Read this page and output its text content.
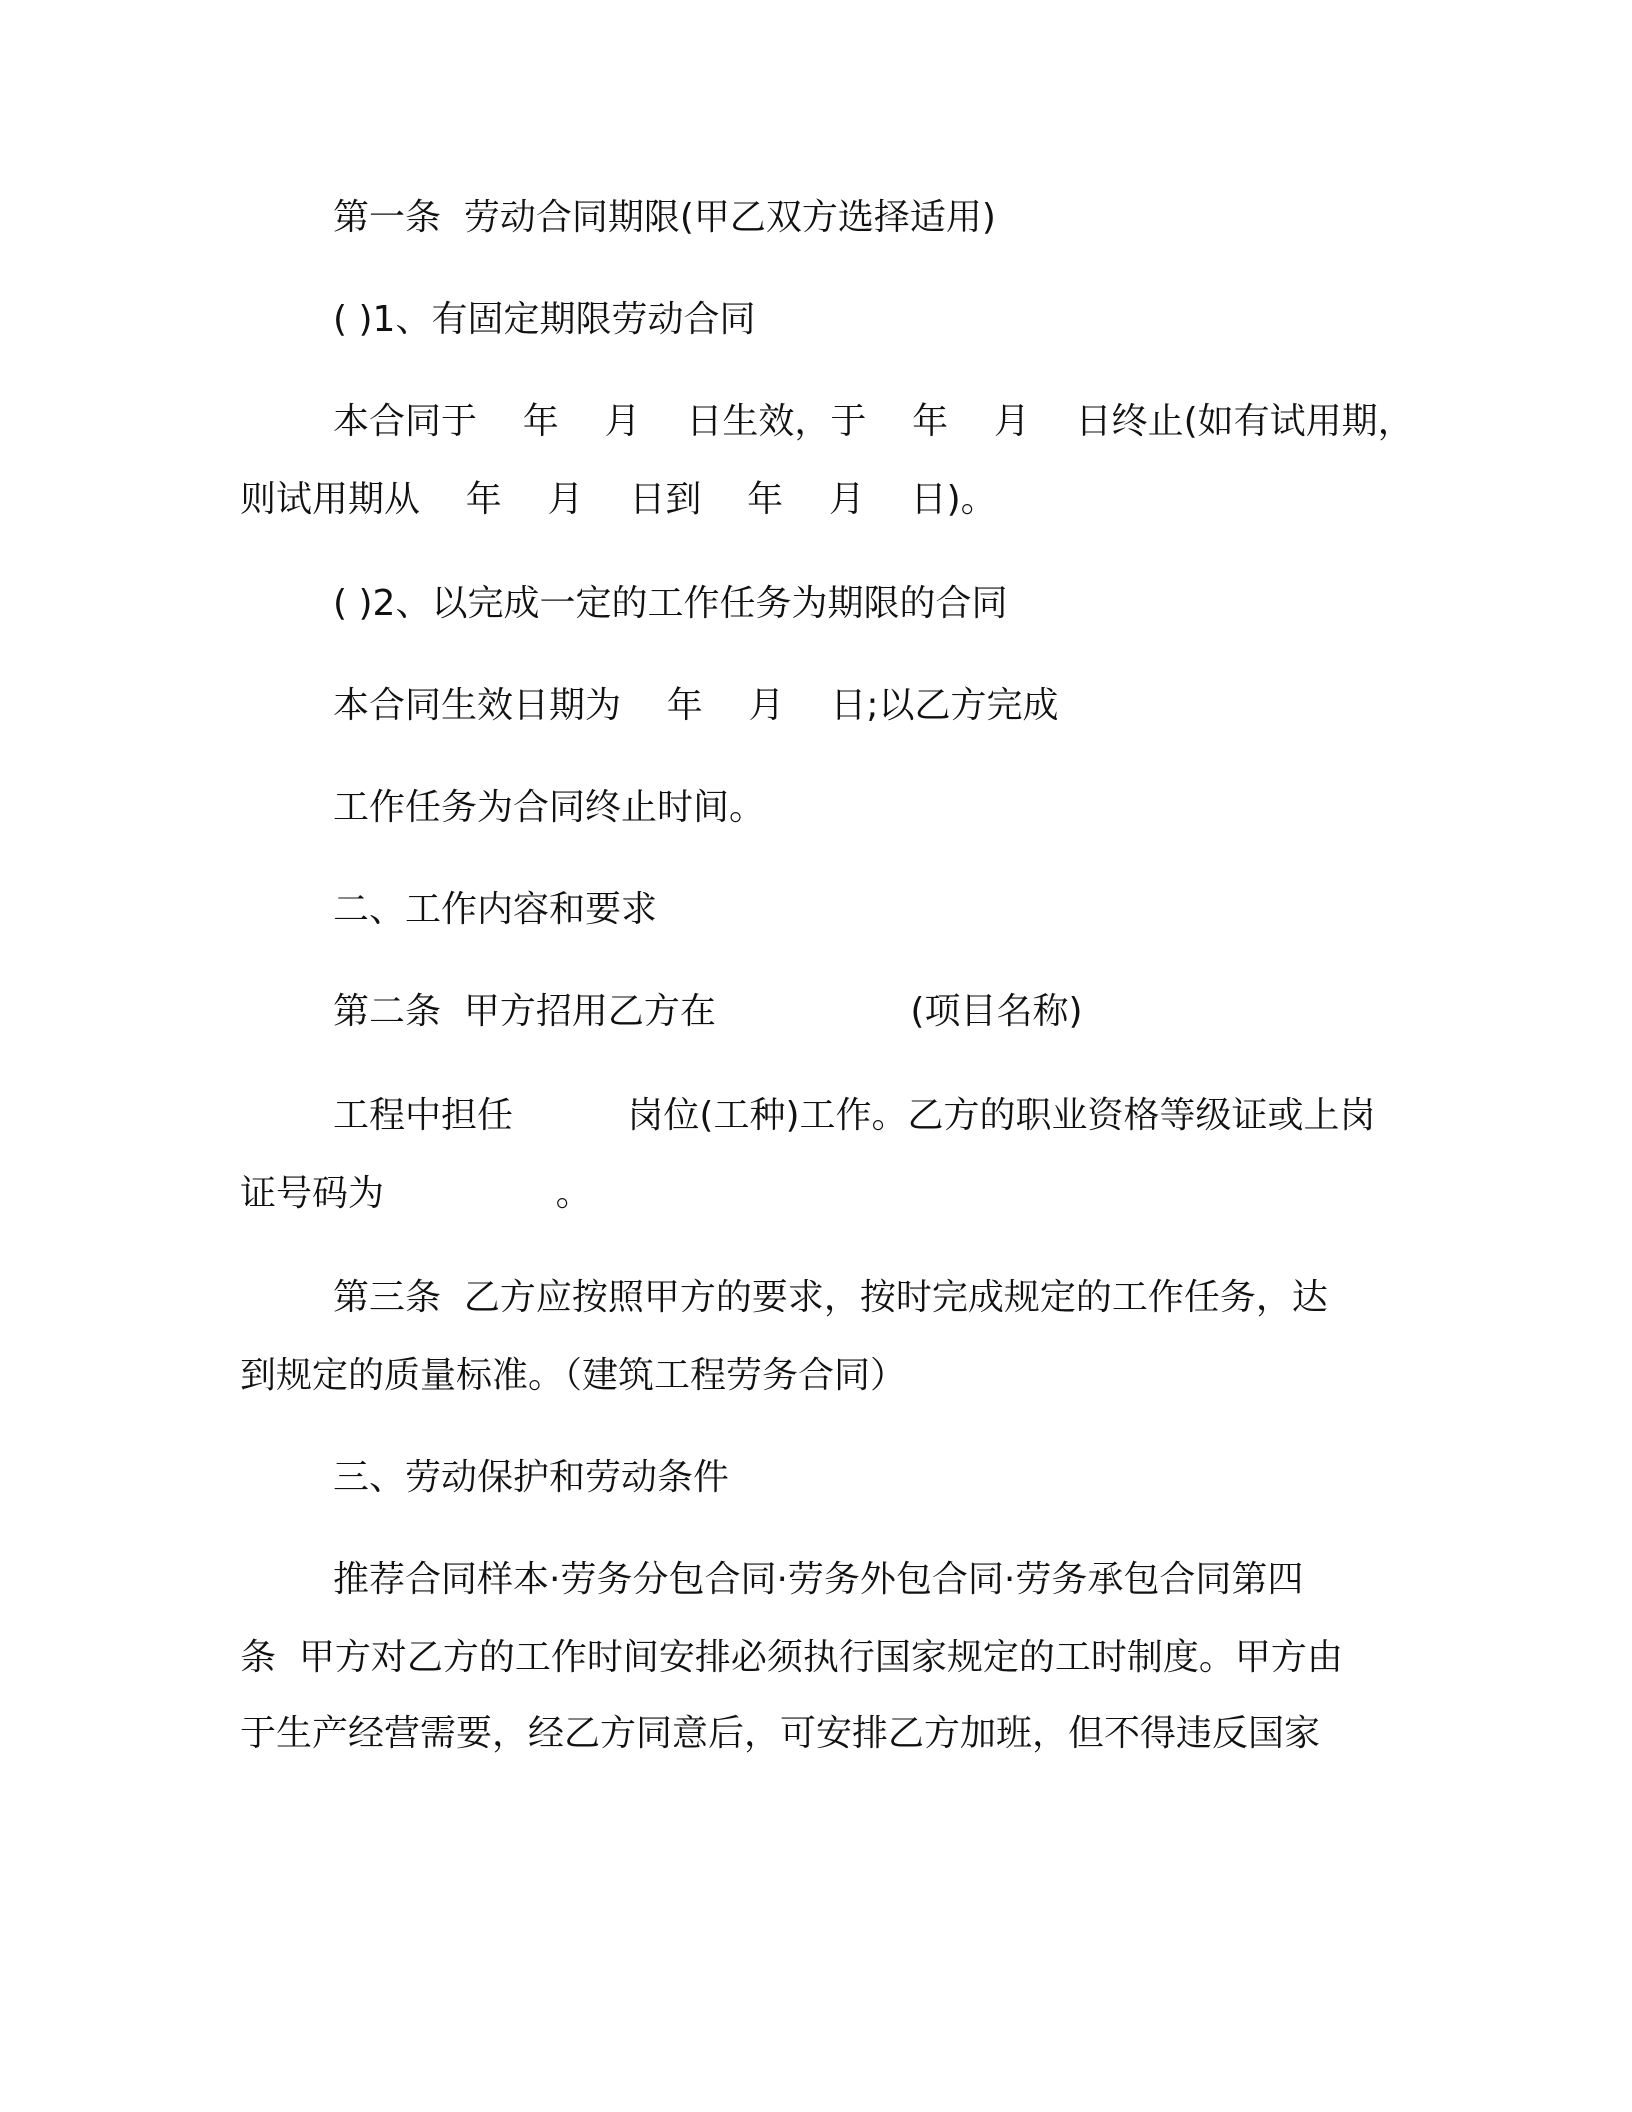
第一条  劳动合同期限(甲乙双方选择适用)
( )1、有固定期限劳动合同
本合同于    年    月    日生效，于    年    月    日终止(如有试用期，
则试用期从    年    月    日到    年    月    日)。
( )2、以完成一定的工作任务为期限的合同
本合同生效日期为    年    月    日;以乙方完成
工作任务为合同终止时间。
二、工作内容和要求
第二条  甲方招用乙方在                 (项目名称)
工程中担任          岗位(工种)工作。乙方的职业资格等级证或上岗
证号码为               。
第三条  乙方应按照甲方的要求，按时完成规定的工作任务，达
到规定的质量标准。（建筑工程劳务合同）
三、劳动保护和劳动条件
推荐合同样本·劳务分包合同·劳务外包合同·劳务承包合同第四
条  甲方对乙方的工作时间安排必须执行国家规定的工时制度。甲方由
于生产经营需要，经乙方同意后，可安排乙方加班，但不得违反国家
